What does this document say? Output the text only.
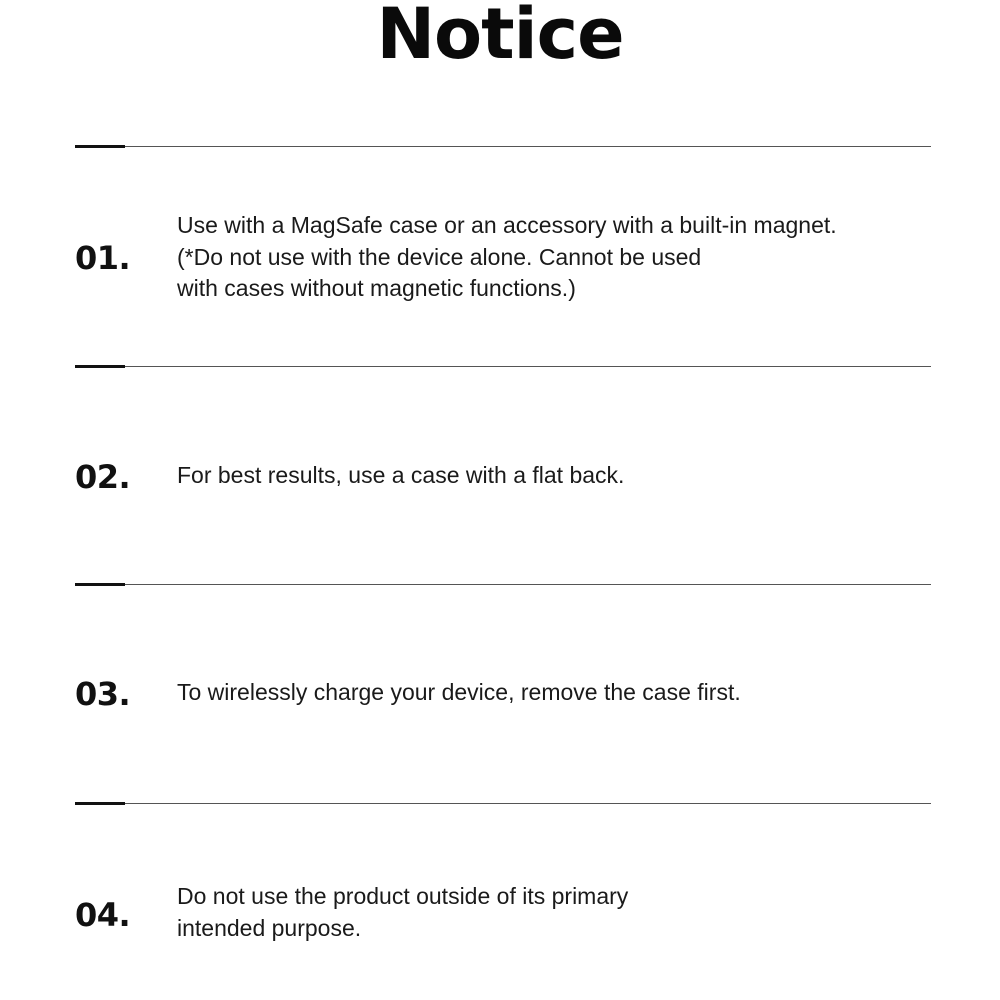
Notice
01.
Use with a MagSafe case or an accessory with a built-in magnet.
(*Do not use with the device alone. Cannot be used
with cases without magnetic functions.)
02. For best results, use a case with a flat back.
03. To wirelessly charge your device, remove the case first.
04. Do not use the product outside of its primary
intended purpose.
